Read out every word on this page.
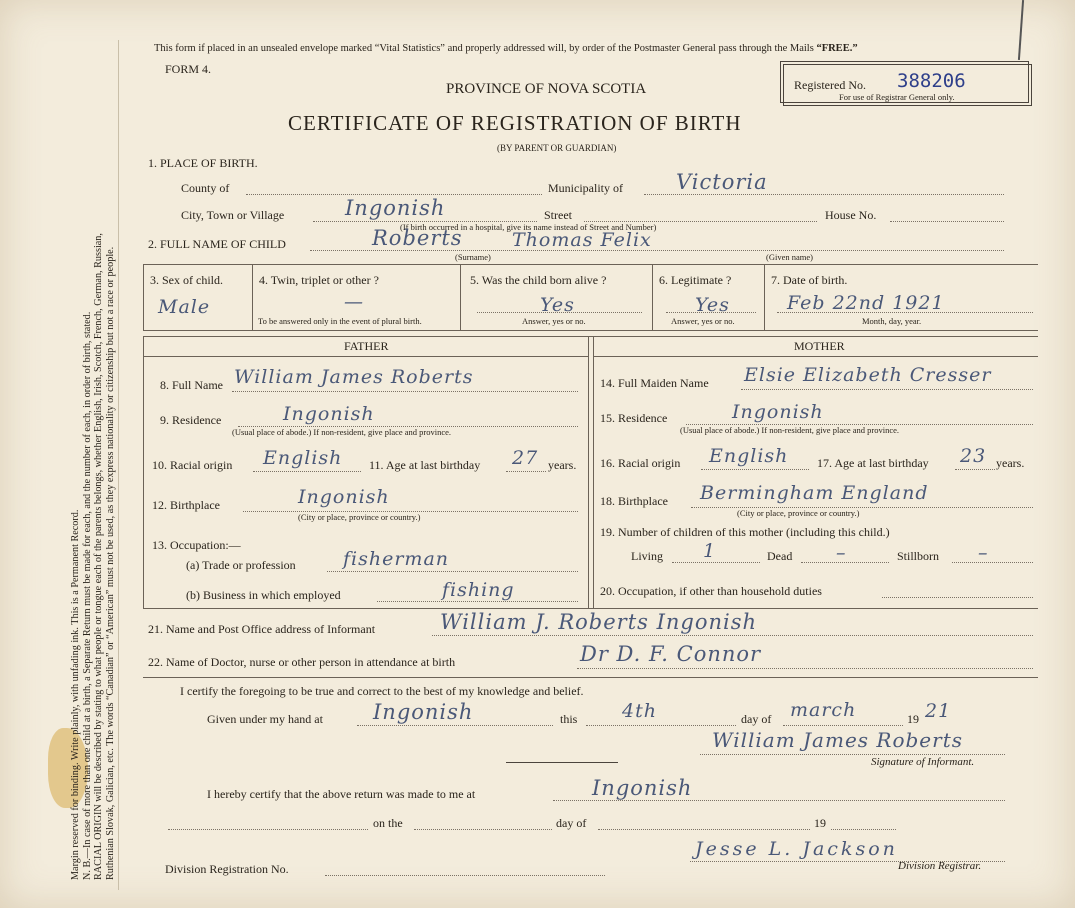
Margin reserved for binding. Write plainly, with unfading ink. This is a Permanent Record. N. B.—In case of more than one child at a birth, a Separate Return must be made for each, and the number of each, in order of birth, stated. RACIAL ORIGIN will be described by stating to what people or tongue each of the parents belongs, whether English, Irish, Scotch, French, German, Russian, Ruthenian Slovak, Galician, etc. The words “Canadian” or “American” must not be used, as they express nationality or citizenship but not a race or people.
This form if placed in an unsealed envelope marked “Vital Statistics” and properly addressed will, by order of the Postmaster General pass through the Mails “FREE.”
FORM 4.
PROVINCE OF NOVA SCOTIA
CERTIFICATE OF REGISTRATION OF BIRTH
(BY PARENT OR GUARDIAN)
Registered No. 388206
For use of Registrar General only.
1. PLACE OF BIRTH.
County of	Municipality of	Victoria
City, Town or Village	Ingonish	Street	House No.
(If birth occurred in a hospital, give its name instead of Street and Number)
2. FULL NAME OF CHILD	Roberts	Thomas Felix
(Surname)	(Given name)
3. Sex of child.
Male
4. Twin, triplet or other ?
—
To be answered only in the event of plural birth.
5. Was the child born alive ?
Yes
Answer, yes or no.
6. Legitimate ?
Yes
Answer, yes or no.
7. Date of birth.
Feb 22nd 1921
Month, day, year.
FATHER	MOTHER
8. Full Name William James Roberts
9. Residence	Ingonish
(Usual place of abode.) If non-resident, give place and province.
10. Racial origin English 11. Age at last birthday 27 years.
12. Birthplace	Ingonish
(City or place, province or country.)
13. Occupation:—
(a) Trade or profession fisherman
(b) Business in which employed	fishing
14. Full Maiden Name Elsie Elizabeth Cresser
15. Residence	Ingonish
(Usual place of abode.) If non-resident, give place and province.
16. Racial origin English 17. Age at last birthday 23 years.
18. Birthplace Bermingham England
(City or place, province or country.)
19. Number of children of this mother (including this child.)
Living 1	Dead –	Stillborn –
20. Occupation, if other than household duties
21. Name and Post Office address of Informant	William J. Roberts Ingonish
22. Name of Doctor, nurse or other person in attendance at birth	Dr D. F. Connor
I certify the foregoing to be true and correct to the best of my knowledge and belief.
Given under my hand at Ingonish	this 4th	day of march	19 21
William James Roberts
Signature of Informant.
I hereby certify that the above return was made to me at	Ingonish
on the	day of	19
Jesse L. Jackson
Division Registrar.
Division Registration No.
